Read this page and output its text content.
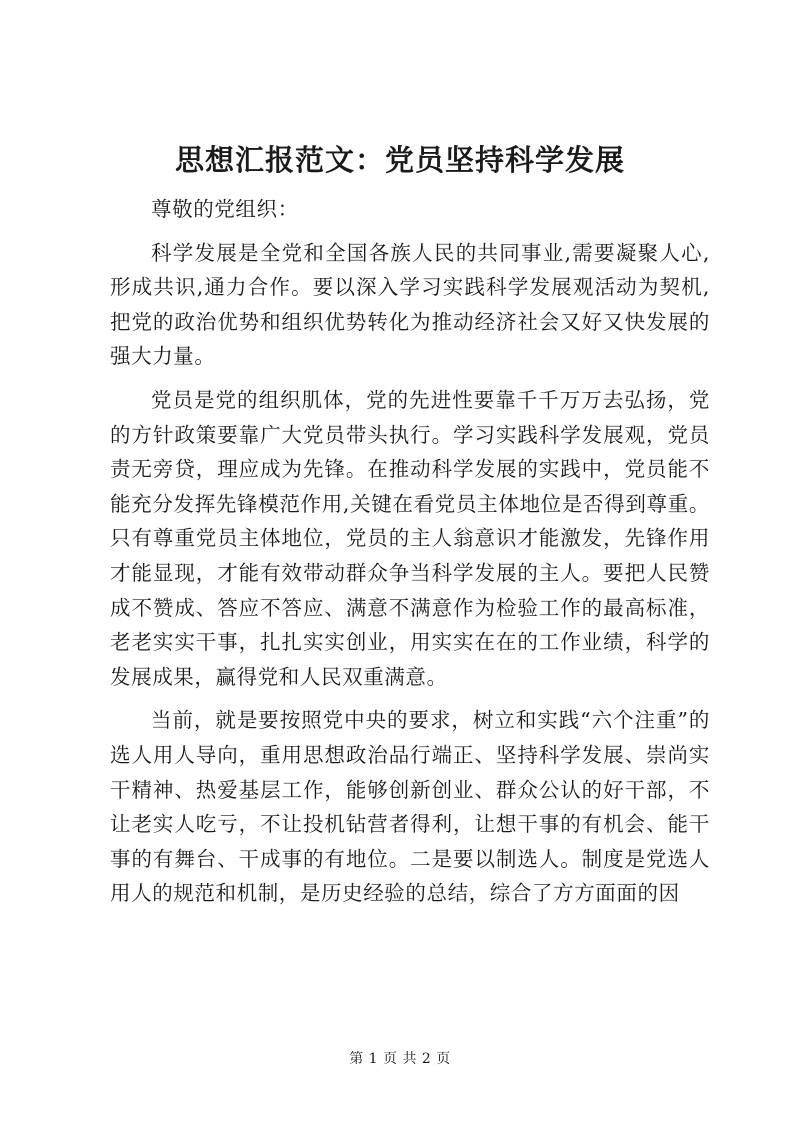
思想汇报范文：党员坚持科学发展

尊敬的党组织：

科学发展是全党和全国各族人民的共同事业,需要凝聚人心,形成共识,通力合作。要以深入学习实践科学发展观活动为契机,把党的政治优势和组织优势转化为推动经济社会又好又快发展的强大力量。

党员是党的组织肌体，党的先进性要靠千千万万去弘扬，党的方针政策要靠广大党员带头执行。学习实践科学发展观，党员责无旁贷，理应成为先锋。在推动科学发展的实践中，党员能不能充分发挥先锋模范作用,关键在看党员主体地位是否得到尊重。只有尊重党员主体地位，党员的主人翁意识才能激发，先锋作用才能显现，才能有效带动群众争当科学发展的主人。要把人民赞成不赞成、答应不答应、满意不满意作为检验工作的最高标准，老老实实干事，扎扎实实创业，用实实在在的工作业绩，科学的发展成果，赢得党和人民双重满意。

当前，就是要按照党中央的要求，树立和实践“六个注重”的选人用人导向，重用思想政治品行端正、坚持科学发展、崇尚实干精神、热爱基层工作，能够创新创业、群众公认的好干部，不让老实人吃亏，不让投机钻营者得利，让想干事的有机会、能干事的有舞台、干成事的有地位。二是要以制选人。制度是党选人用人的规范和机制，是历史经验的总结，综合了方方面面的因

第 1 页 共 2 页
